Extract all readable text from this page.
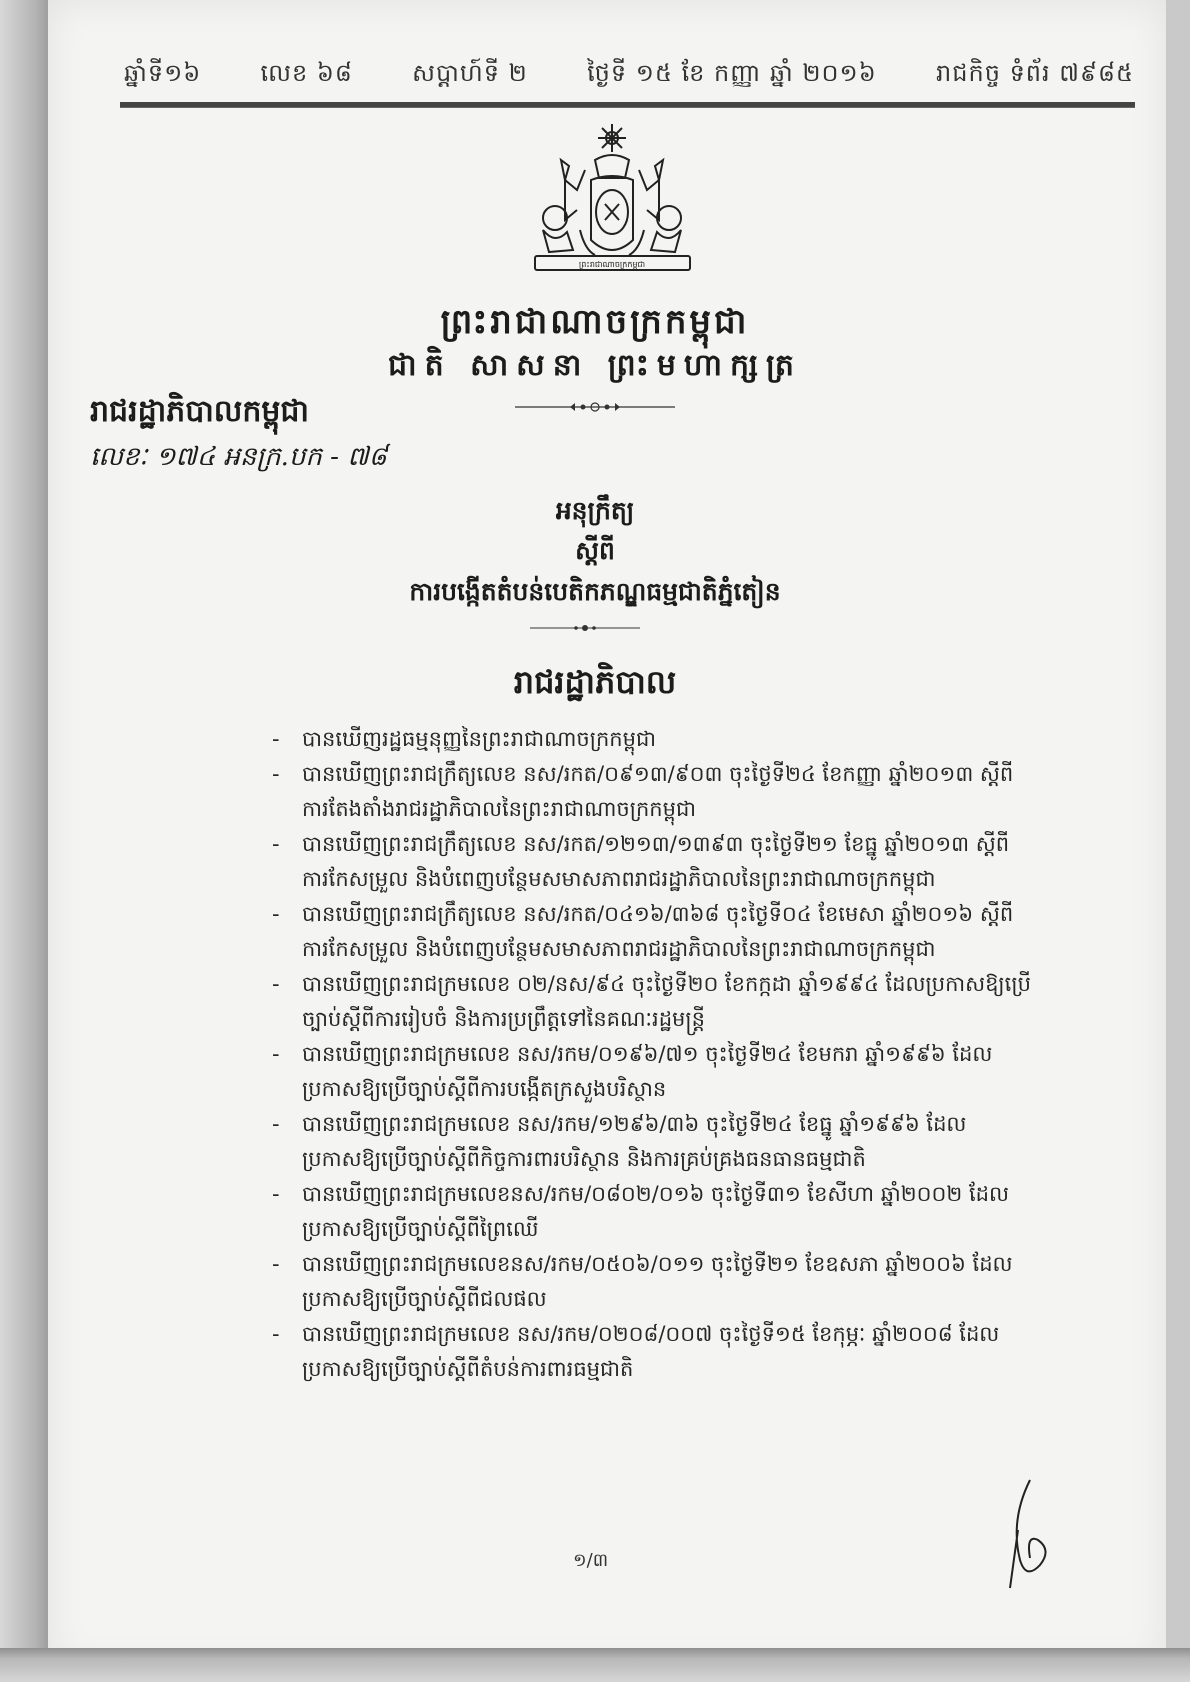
ឆ្នាំទី១៦ លេខ ៦៨ សប្តាហ៍ទី ២ ថ្ងៃទី ១៥ ខែ កញ្ញា ឆ្នាំ ២០១៦ រាជកិច្ច ទំព័រ ៧៩៨៥
ព្រះរាជាណាចក្រកម្ពុជា
ព្រះរាជាណាចក្រកម្ពុជា
ជាតិ សាសនា ព្រះមហាក្សត្រ
រាជរដ្ឋាភិបាលកម្ពុជា
លេខៈ ១៧៤ អនក្រ.បក - ៧៨
អនុក្រឹត្យ
ស្តីពី
ការបង្កើតតំបន់បេតិកភណ្ឌធម្មជាតិភ្នំតៀន
រាជរដ្ឋាភិបាល
- បានឃើញរដ្ឋធម្មនុញ្ញនៃព្រះរាជាណាចក្រកម្ពុជា
- បានឃើញព្រះរាជក្រឹត្យលេខ នស/រកត/០៩១៣/៩០៣ ចុះថ្ងៃទី២៤ ខែកញ្ញា ឆ្នាំ២០១៣ ស្តីពីការតែងតាំងរាជរដ្ឋាភិបាលនៃព្រះរាជាណាចក្រកម្ពុជា
- បានឃើញព្រះរាជក្រឹត្យលេខ នស/រកត/១២១៣/១៣៩៣ ចុះថ្ងៃទី២១ ខែធ្នូ ឆ្នាំ២០១៣ ស្តីពីការកែសម្រួល និងបំពេញបន្ថែមសមាសភាពរាជរដ្ឋាភិបាលនៃព្រះរាជាណាចក្រកម្ពុជា
- បានឃើញព្រះរាជក្រឹត្យលេខ នស/រកត/០៤១៦/៣៦៨ ចុះថ្ងៃទី០៤ ខែមេសា ឆ្នាំ២០១៦ ស្តីពីការកែសម្រួល និងបំពេញបន្ថែមសមាសភាពរាជរដ្ឋាភិបាលនៃព្រះរាជាណាចក្រកម្ពុជា
- បានឃើញព្រះរាជក្រមលេខ ០២/នស/៩៤ ចុះថ្ងៃទី២០ ខែកក្កដា ឆ្នាំ១៩៩៤ ដែលប្រកាសឱ្យប្រើច្បាប់ស្តីពីការរៀបចំ និងការប្រព្រឹត្តទៅនៃគណៈរដ្ឋមន្ត្រី
- បានឃើញព្រះរាជក្រមលេខ នស/រកម/០១៩៦/៧១ ចុះថ្ងៃទី២៤ ខែមករា ឆ្នាំ១៩៩៦ ដែលប្រកាសឱ្យប្រើច្បាប់ស្តីពីការបង្កើតក្រសួងបរិស្ថាន
- បានឃើញព្រះរាជក្រមលេខ នស/រកម/១២៩៦/៣៦ ចុះថ្ងៃទី២៤ ខែធ្នូ ឆ្នាំ១៩៩៦ ដែលប្រកាសឱ្យប្រើច្បាប់ស្តីពីកិច្ចការពារបរិស្ថាន និងការគ្រប់គ្រងធនធានធម្មជាតិ
- បានឃើញព្រះរាជក្រមលេខនស/រកម/០៨០២/០១៦ ចុះថ្ងៃទី៣១ ខែសីហា ឆ្នាំ២០០២ ដែលប្រកាសឱ្យប្រើច្បាប់ស្តីពីព្រៃឈើ
- បានឃើញព្រះរាជក្រមលេខនស/រកម/០៥០៦/០១១ ចុះថ្ងៃទី២១ ខែឧសភា ឆ្នាំ២០០៦ ដែលប្រកាសឱ្យប្រើច្បាប់ស្តីពីជលផល
- បានឃើញព្រះរាជក្រមលេខ នស/រកម/០២០៨/០០៧ ចុះថ្ងៃទី១៥ ខែកុម្ភៈ ឆ្នាំ២០០៨ ដែលប្រកាសឱ្យប្រើច្បាប់ស្តីពីតំបន់ការពារធម្មជាតិ
១/៣
